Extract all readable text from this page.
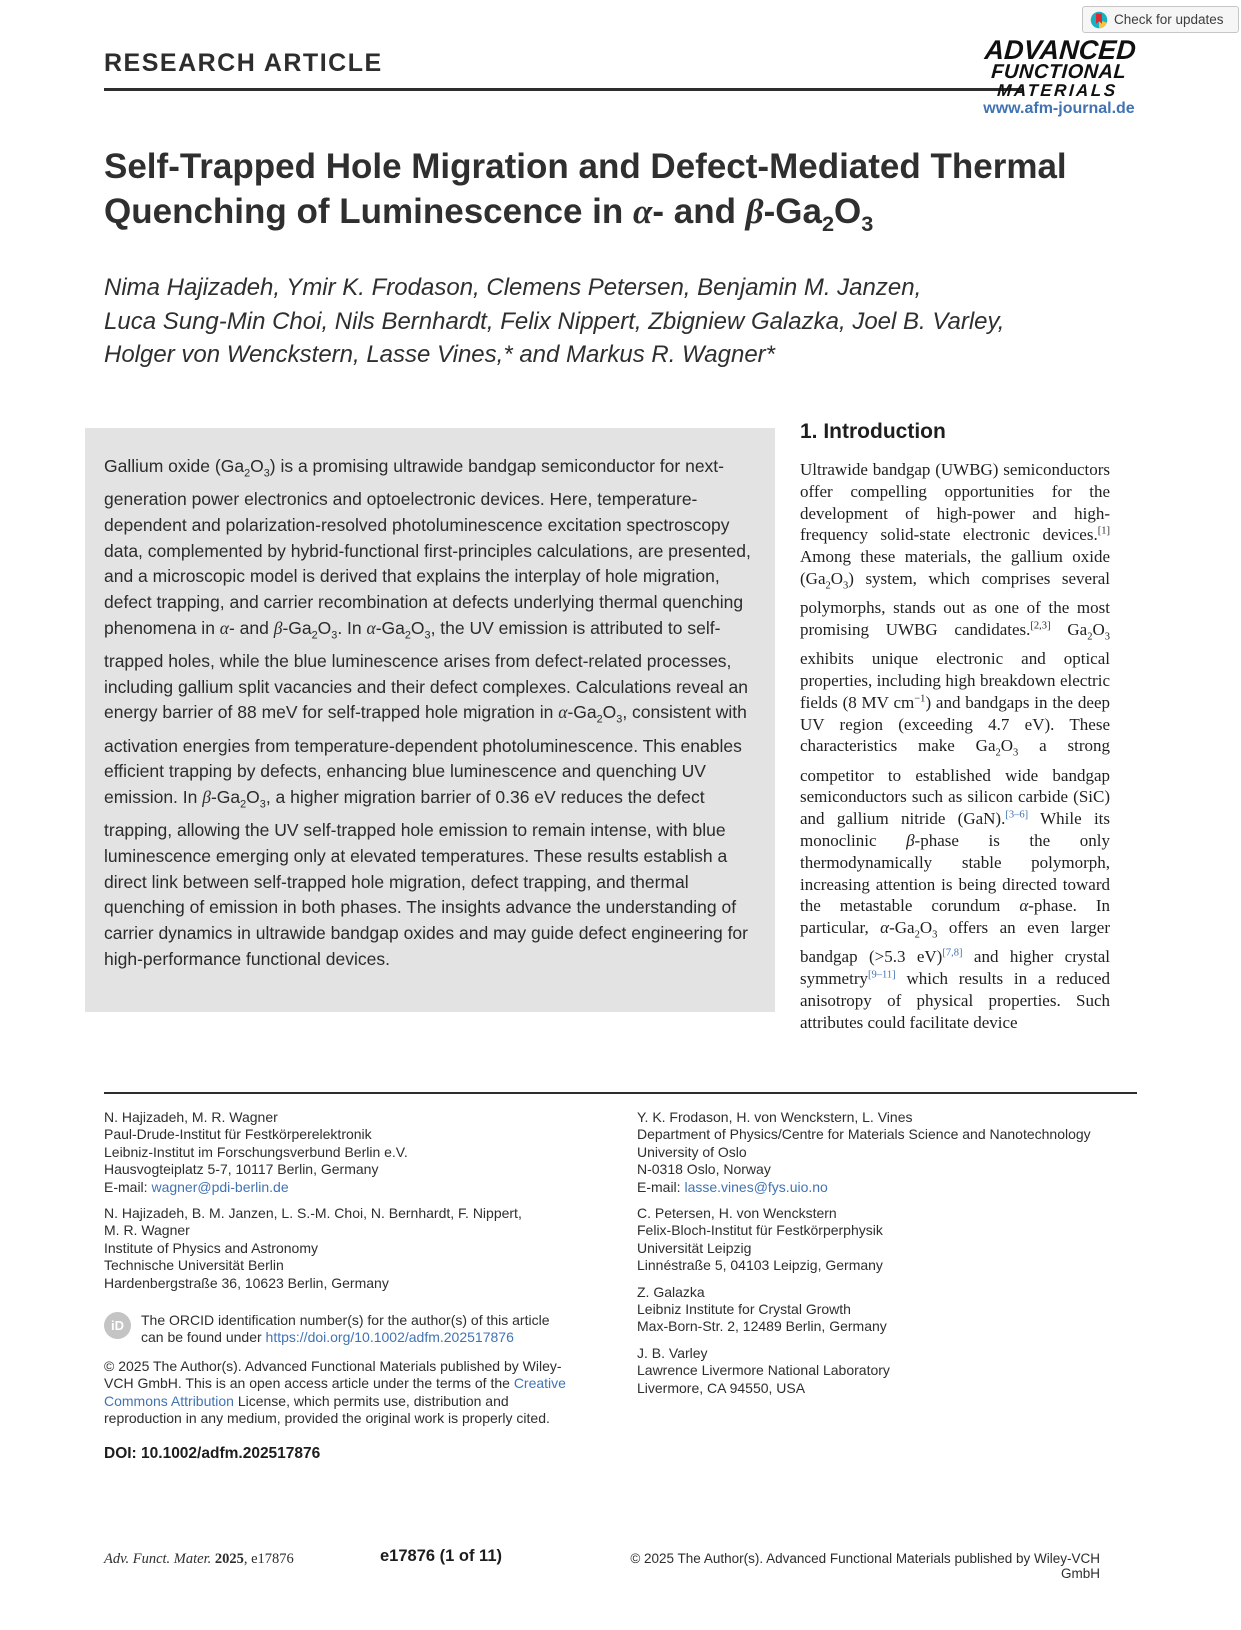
Check for updates
RESEARCH ARTICLE	ADVANCED
FUNCTIONAL
MATERIALS
www.afm-journal.de
Self-Trapped Hole Migration and Defect-Mediated Thermal Quenching of Luminescence in α- and $\beta-Ga_2O_3$
Nima Hajizadeh, Ymir K. Frodason, Clemens Petersen, Benjamin M. Janzen,
Luca Sung-Min Choi, Nils Bernhardt, Felix Nippert, Zbigniew Galazka, Joel B. Varley,
Holger von Wenckstern, Lasse Vines,* and Markus R. Wagner*
Gallium oxide $(Ga_2O_3)$ is a promising ultrawide bandgap semiconductor for next-generation power electronics and optoelectronic devices. Here, temperature-dependent and polarization-resolved photoluminescence excitation spectroscopy data, complemented by hybrid-functional first-principles calculations, are presented, and a microscopic model is derived that explains the interplay of hole migration, defect trapping, and carrier recombination at defects underlying thermal quenching phenomena in α- and $\beta-Ga_2O_3$. In $\alpha-Ga_2O_3$, the UV emission is attributed to self-trapped holes, while the blue luminescence arises from defect-related processes, including gallium split vacancies and their defect complexes. Calculations reveal an energy barrier of 88 meV for self-trapped hole migration in $\alpha-Ga_2O_3$, consistent with activation energies from temperature-dependent photoluminescence. This enables efficient trapping by defects, enhancing blue luminescence and quenching UV emission. In $\beta-Ga_2O_3$, a higher migration barrier of 0.36 eV reduces the defect trapping, allowing the UV self-trapped hole emission to remain intense, with blue luminescence emerging only at elevated temperatures. These results establish a direct link between self-trapped hole migration, defect trapping, and thermal quenching of emission in both phases. The insights advance the understanding of carrier dynamics in ultrawide bandgap oxides and may guide defect engineering for high-performance functional devices.
1. Introduction
Ultrawide bandgap (UWBG) semiconductors offer compelling opportunities for the development of high-power and high-frequency solid-state electronic devices.[1] Among these materials, the gallium oxide $(Ga_2O_3)$ system, which comprises several polymorphs, stands out as one of the most promising UWBG candidates.[2,3] $Ga_2O_3$ exhibits unique electronic and optical properties, including high breakdown electric fields (8 MV $cm^{-1}$) and bandgaps in the deep UV region (exceeding 4.7 eV). These characteristics make $Ga_2O_3$ a strong competitor to established wide bandgap semiconductors such as silicon carbide (SiC) and gallium nitride (GaN).[3–6] While its monoclinic β-phase is the only thermodynamically stable polymorph, increasing attention is being directed toward the metastable corundum α-phase. In particular, $\alpha-Ga_2O_3$ offers an even larger bandgap (>5.3 eV)[7,8] and higher crystal symmetry[9–11] which results in a reduced anisotropy of physical properties. Such attributes could facilitate device

N. Hajizadeh, M. R. Wagner
Paul-Drude-Institut für Festkörperelektronik
Leibniz-Institut im Forschungsverbund Berlin e.V.
Hausvogteiplatz 5-7, 10117 Berlin, Germany
E-mail: wagner@pdi-berlin.de

N. Hajizadeh, B. M. Janzen, L. S.-M. Choi, N. Bernhardt, F. Nippert,
M. R. Wagner
Institute of Physics and Astronomy
Technische Universität Berlin
Hardenbergstraße 36, 10623 Berlin, Germany

iD	The ORCID identification number(s) for the author(s) of this article
can be found under https://doi.org/10.1002/adfm.202517876

© 2025 The Author(s). Advanced Functional Materials published by Wiley-VCH GmbH. This is an open access article under the terms of the Creative Commons Attribution License, which permits use, distribution and reproduction in any medium, provided the original work is properly cited.

DOI: 10.1002/adfm.202517876

Y. K. Frodason, H. von Wenckstern, L. Vines
Department of Physics/Centre for Materials Science and Nanotechnology
University of Oslo
N-0318 Oslo, Norway
E-mail: lasse.vines@fys.uio.no

C. Petersen, H. von Wenckstern
Felix-Bloch-Institut für Festkörperphysik
Universität Leipzig
Linnéstraße 5, 04103 Leipzig, Germany

Z. Galazka
Leibniz Institute for Crystal Growth
Max-Born-Str. 2, 12489 Berlin, Germany

J. B. Varley
Lawrence Livermore National Laboratory
Livermore, CA 94550, USA

Adv. Funct. Mater. 2025, e17876	e17876 (1 of 11)	© 2025 The Author(s). Advanced Functional Materials published by Wiley-VCH GmbH
